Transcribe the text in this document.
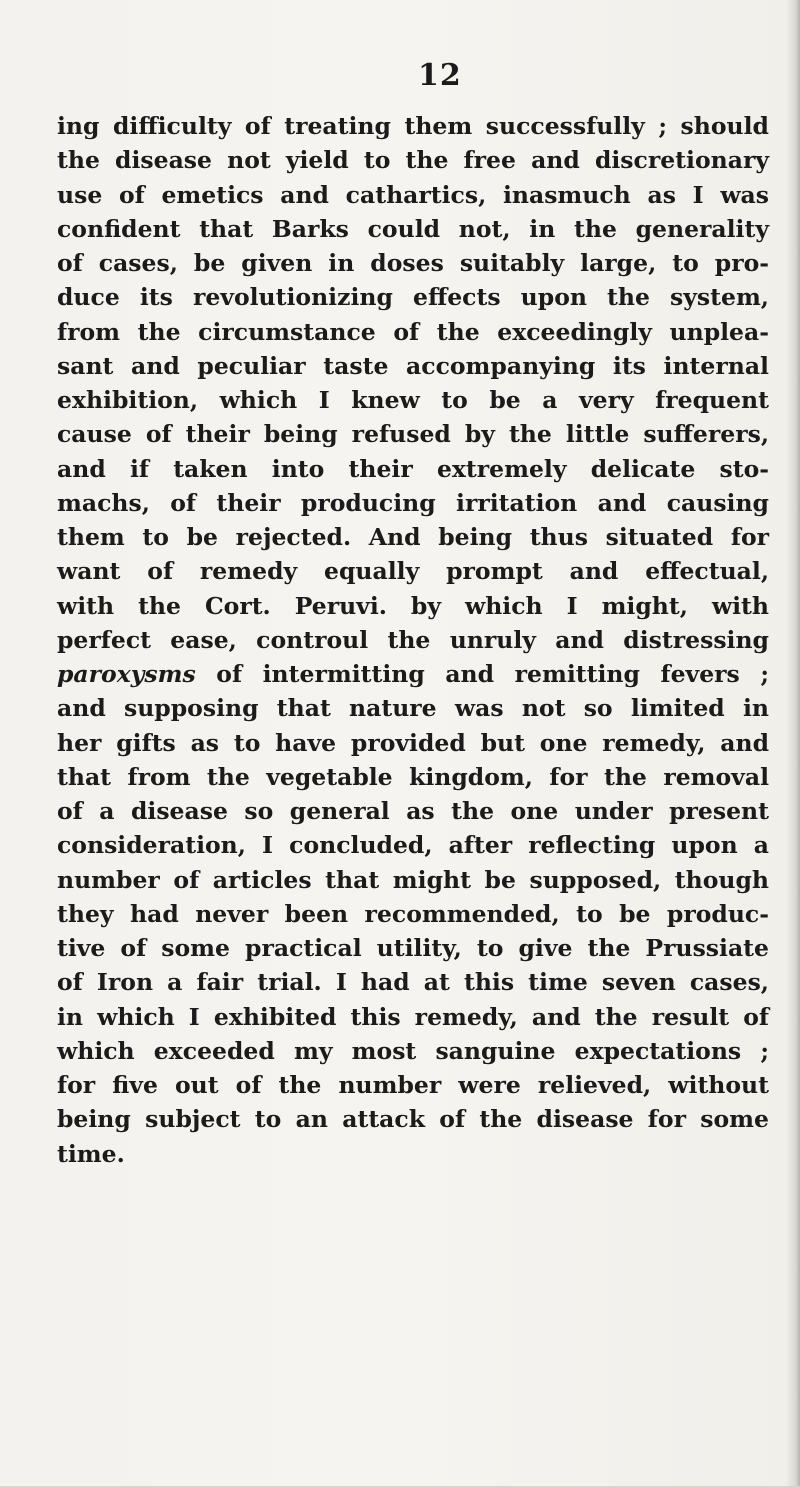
12
ing difficulty of treating them successfully ; should
the disease not yield to the free and discretionary
use of emetics and cathartics, inasmuch as I was
confident that Barks could not, in the generality
of cases, be given in doses suitably large, to pro-
duce its revolutionizing effects upon the system,
from the circumstance of the exceedingly unplea-
sant and peculiar taste accompanying its internal
exhibition, which I knew to be a very frequent
cause of their being refused by the little sufferers,
and if taken into their extremely delicate sto-
machs, of their producing irritation and causing
them to be rejected. And being thus situated for
want of remedy equally prompt and effectual,
with the Cort. Peruvi. by which I might, with
perfect ease, controul the unruly and distressing
paroxysms of intermitting and remitting fevers ;
and supposing that nature was not so limited in
her gifts as to have provided but one remedy, and
that from the vegetable kingdom, for the removal
of a disease so general as the one under present
consideration, I concluded, after reflecting upon a
number of articles that might be supposed, though
they had never been recommended, to be produc-
tive of some practical utility, to give the Prussiate
of Iron a fair trial. I had at this time seven cases,
in which I exhibited this remedy, and the result of
which exceeded my most sanguine expectations ;
for five out of the number were relieved, without
being subject to an attack of the disease for some
time.
